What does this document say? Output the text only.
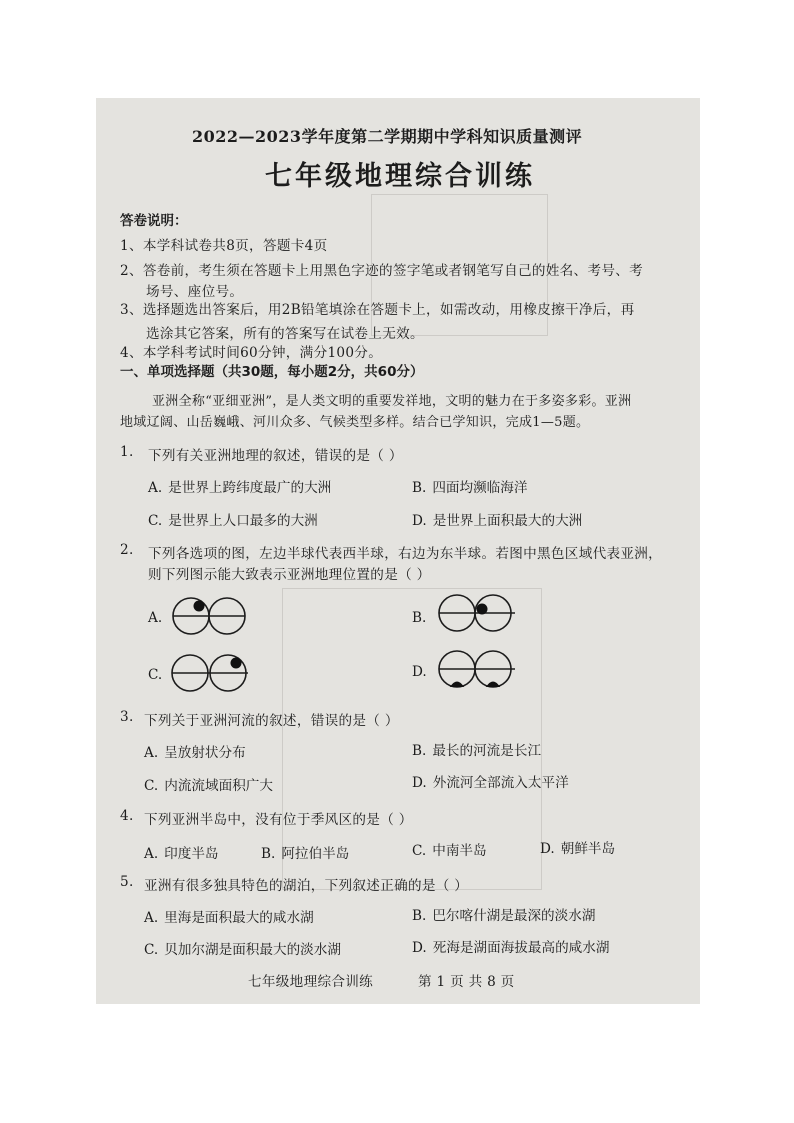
2022—2023学年度第二学期期中学科知识质量测评
七年级地理综合训练
答卷说明：
1、本学科试卷共8页，答题卡4页
2、答卷前，考生须在答题卡上用黑色字迹的签字笔或者钢笔写自己的姓名、考号、考
场号、座位号。
3、选择题选出答案后，用2B铅笔填涂在答题卡上，如需改动，用橡皮擦干净后，再
选涂其它答案，所有的答案写在试卷上无效。
4、本学科考试时间60分钟，满分100分。
一、单项选择题（共30题，每小题2分，共60分）
亚洲全称“亚细亚洲”，是人类文明的重要发祥地，文明的魅力在于多姿多彩。亚洲
地域辽阔、山岳巍峨、河川众多、气候类型多样。结合已学知识，完成1—5题。
1. 下列有关亚洲地理的叙述，错误的是（ ）
A. 是世界上跨纬度最广的大洲	B. 四面均濒临海洋
C. 是世界上人口最多的大洲	D. 是世界上面积最大的大洲
2. 下列各选项的图，左边半球代表西半球，右边为东半球。若图中黑色区域代表亚洲，
则下列图示能大致表示亚洲地理位置的是（ ）
A.	B.
C.	D.
3. 下列关于亚洲河流的叙述，错误的是（ ）
A. 呈放射状分布	B. 最长的河流是长江
C. 内流流域面积广大	D. 外流河全部流入太平洋
4. 下列亚洲半岛中，没有位于季风区的是（ ）
A. 印度半岛	B. 阿拉伯半岛	C. 中南半岛	D. 朝鲜半岛
5. 亚洲有很多独具特色的湖泊，下列叙述正确的是（ ）
A. 里海是面积最大的咸水湖	B. 巴尔喀什湖是最深的淡水湖
C. 贝加尔湖是面积最大的淡水湖	D. 死海是湖面海拔最高的咸水湖
七年级地理综合训练	第 1 页 共 8 页
